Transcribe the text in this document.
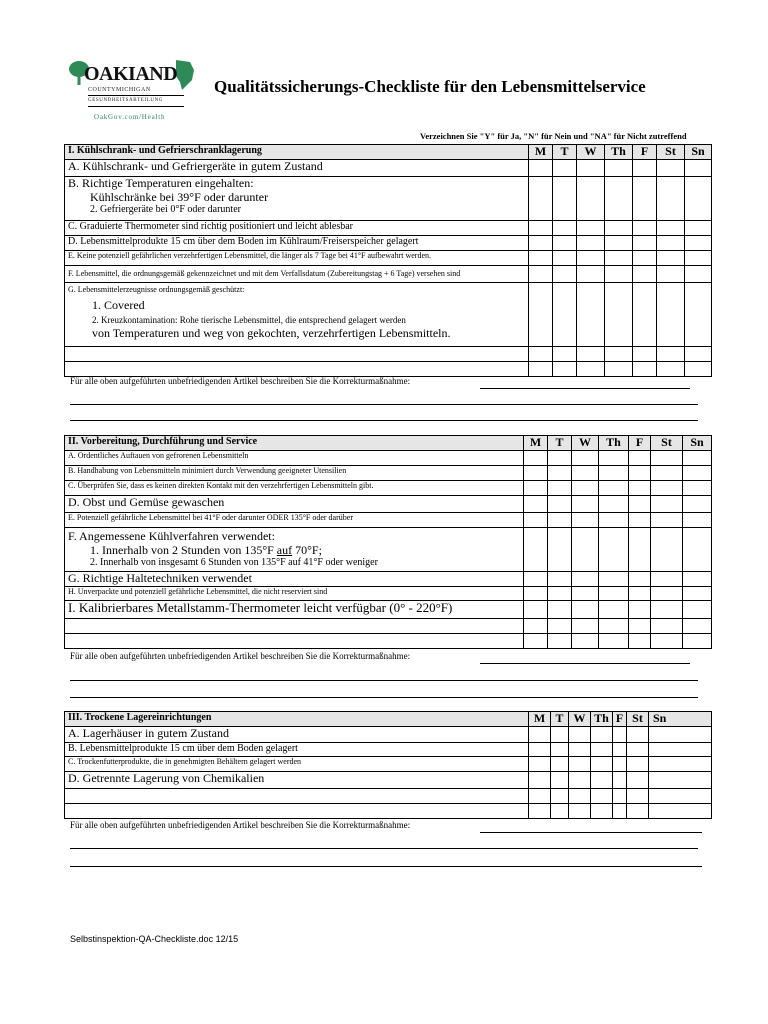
OAKIAND
COUNTYMICHIGAN
GESUNDHEITSABTEILUNG
OakGov.com/Health
Qualitätssicherungs-Checkliste für den Lebensmittelservice
Verzeichnen Sie "Y" für Ja, "N" für Nein und "NA" für Nicht zutreffend
I. Kühlschrank- und Gefrierschranklagerung	M	T	W	Th	F	St	Sn
A. Kühlschrank- und Gefriergeräte in gutem Zustand							

B. Richtige Temperaturen eingehalten:
Kühlschränke bei 39°F oder darunter
2. Gefriergeräte bei 0°F oder darunter							

C. Graduierte Thermometer sind richtig positioniert und leicht ablesbar							
D. Lebensmittelprodukte 15 cm über dem Boden im Kühlraum/Freiserspeicher gelagert							
E. Keine potenziell gefährlichen verzehrfertigen Lebensmittel, die länger als 7 Tage bei 41°F aufbewahrt werden.							
F. Lebensmittel, die ordnungsgemäß gekennzeichnet und mit dem Verfallsdatum (Zubereitungstag + 6 Tage) versehen sind							

G. Lebensmittelerzeugnisse ordnungsgemäß geschützt:
1. Covered
2. Kreuzkontamination: Rohe tierische Lebensmittel, die entsprechend gelagert werden
von Temperaturen und weg von gekochten, verzehrfertigen Lebensmitteln.							

Für alle oben aufgeführten unbefriedigenden Artikel beschreiben Sie die Korrekturmaßnahme:
II. Vorbereitung, Durchführung und Service	M	T	W	Th	F	St	Sn
A. Ordentliches Auftauen von gefrorenen Lebensmitteln							
B. Handhabung von Lebensmitteln minimiert durch Verwendung geeigneter Utensilien							
C. Überprüfen Sie, dass es keinen direkten Kontakt mit den verzehrfertigen Lebensmitteln gibt.							
D. Obst und Gemüse gewaschen							
E. Potenziell gefährliche Lebensmittel bei 41°F oder darunter ODER 135°F oder darüber							

F. Angemessene Kühlverfahren verwendet:
1. Innerhalb von 2 Stunden von 135°F auf 70°F;
2. Innerhalb von insgesamt 6 Stunden von 135°F auf 41°F oder weniger							

G. Richtige Haltetechniken verwendet							
H. Unverpackte und potenziell gefährliche Lebensmittel, die nicht reserviert sind							
I. Kalibrierbares Metallstamm-Thermometer leicht verfügbar (0° - 220°F)							

Für alle oben aufgeführten unbefriedigenden Artikel beschreiben Sie die Korrekturmaßnahme:
III. Trockene Lagereinrichtungen	M	T	W	Th	F	St	Sn
A. Lagerhäuser in gutem Zustand							
B. Lebensmittelprodukte 15 cm über dem Boden gelagert							
C. Trockenfutterprodukte, die in genehmigten Behältern gelagert werden							
D. Getrennte Lagerung von Chemikalien							

Für alle oben aufgeführten unbefriedigenden Artikel beschreiben Sie die Korrekturmaßnahme:
Selbstinspektion-QA-Checkliste.doc 12/15
